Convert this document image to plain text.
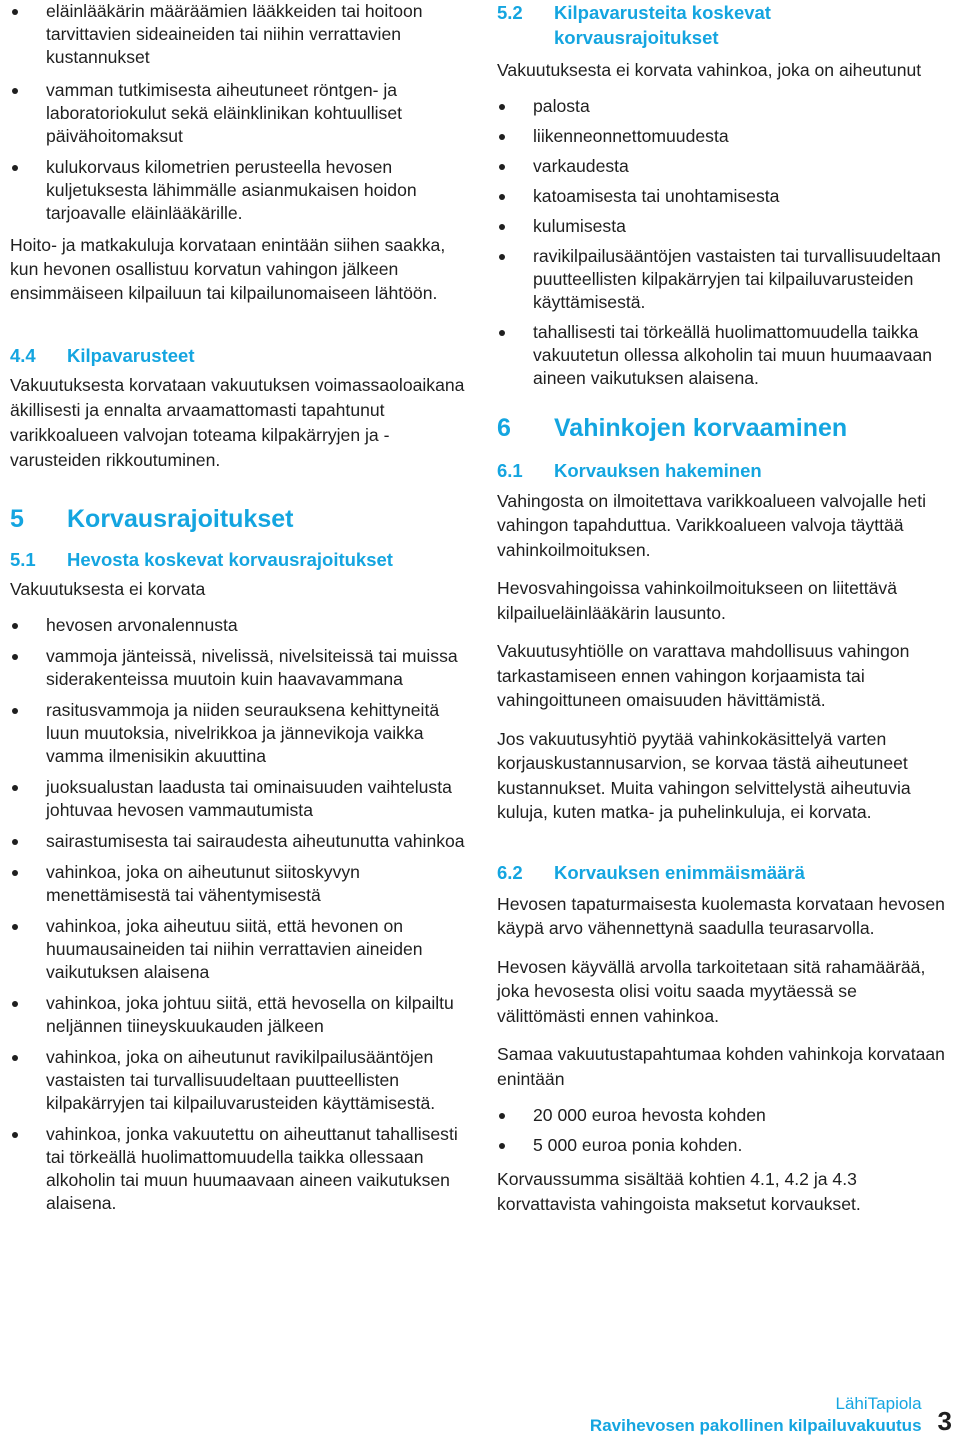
eläinlääkärin määräämien lääkkeiden tai hoitoon tarvittavien sideaineiden tai niihin verrattavien kustannukset
vamman tutkimisesta aiheutuneet röntgen- ja laboratoriokulut sekä eläinklinikan kohtuulliset päivähoitomaksut
kulukorvaus kilometrien perusteella hevosen kuljetuksesta lähimmälle asianmukaisen hoidon tarjoavalle eläinlääkärille.

Hoito- ja matkakuluja korvataan enintään siihen saakka, kun hevonen osallistuu korvatun vahingon jälkeen ensimmäiseen kilpailuun tai kilpailunomaiseen lähtöön.

4.4	Kilpavarusteet

Vakuutuksesta korvataan vakuutuksen voimassaoloaikana äkillisesti ja ennalta arvaamattomasti tapahtunut varikkoalueen valvojan toteama kilpakärryjen ja -varusteiden rikkoutuminen.

5	Korvausrajoitukset
5.1	Hevosta koskevat korvausrajoitukset

Vakuutuksesta ei korvata

hevosen arvonalennusta
vammoja jänteissä, nivelissä, nivelsiteissä tai muissa siderakenteissa muutoin kuin haavavammana
rasitusvammoja ja niiden seurauksena kehittyneitä luun muutoksia, nivelrikkoa ja jännevikoja vaikka vamma ilmenisikin akuuttina
juoksualustan laadusta tai ominaisuuden vaihtelusta johtuvaa hevosen vammautumista
sairastumisesta tai sairaudesta aiheutunutta vahinkoa
vahinkoa, joka on aiheutunut siitoskyvyn menettämisestä tai vähentymisestä
vahinkoa, joka aiheutuu siitä, että hevonen on huumausaineiden tai niihin verrattavien aineiden vaikutuksen alaisena
vahinkoa, joka johtuu siitä, että hevosella on kilpailtu neljännen tiineyskuukauden jälkeen
vahinkoa, joka on aiheutunut ravikilpailusääntöjen vastaisten tai turvallisuudeltaan puutteellisten kilpakärryjen tai kilpailuvarusteiden käyttämisestä.
vahinkoa, jonka vakuutettu on aiheuttanut tahallisesti tai törkeällä huolimattomuudella taikka ollessaan alkoholin tai muun huumaavaan aineen vaikutuksen alaisena.
5.2	Kilpavarusteita koskevat korvausrajoitukset

Vakuutuksesta ei korvata vahinkoa, joka on aiheutunut

palosta
liikenneonnettomuudesta
varkaudesta
katoamisesta tai unohtamisesta
kulumisesta
ravikilpailusääntöjen vastaisten tai turvallisuudeltaan puutteellisten kilpakärryjen tai kilpailuvarusteiden käyttämisestä.
tahallisesti tai törkeällä huolimattomuudella taikka vakuutetun ollessa alkoholin tai muun huumaavaan aineen vaikutuksen alaisena.
6	Vahinkojen korvaaminen
6.1	Korvauksen hakeminen

Vahingosta on ilmoitettava varikkoalueen valvojalle heti vahingon tapahduttua. Varikkoalueen valvoja täyttää vahinkoilmoituksen.

Hevosvahingoissa vahinkoilmoitukseen on liitettävä kilpailueläinlääkärin lausunto.

Vakuutusyhtiölle on varattava mahdollisuus vahingon tarkastamiseen ennen vahingon korjaamista tai vahingoittuneen omaisuuden hävittämistä.

Jos vakuutusyhtiö pyytää vahinkokäsittelyä varten korjauskustannusarvion, se korvaa tästä aiheutuneet kustannukset. Muita vahingon selvittelystä aiheutuvia kuluja, kuten matka- ja puhelinkuluja, ei korvata.

6.2	Korvauksen enimmäismäärä

Hevosen tapaturmaisesta kuolemasta korvataan hevosen käypä arvo vähennettynä saadulla teurasarvolla.

Hevosen käyvällä arvolla tarkoitetaan sitä rahamäärää, joka hevosesta olisi voitu saada myytäessä se välittömästi ennen vahinkoa.

Samaa vakuutustapahtumaa kohden vahinkoja korvataan enintään

20 000 euroa hevosta kohden
5 000 euroa ponia kohden.

Korvaussumma sisältää kohtien 4.1, 4.2 ja 4.3 korvattavista vahingoista maksetut korvaukset.

LähiTapiola
Ravihevosen pakollinen kilpailuvakuutus 3
